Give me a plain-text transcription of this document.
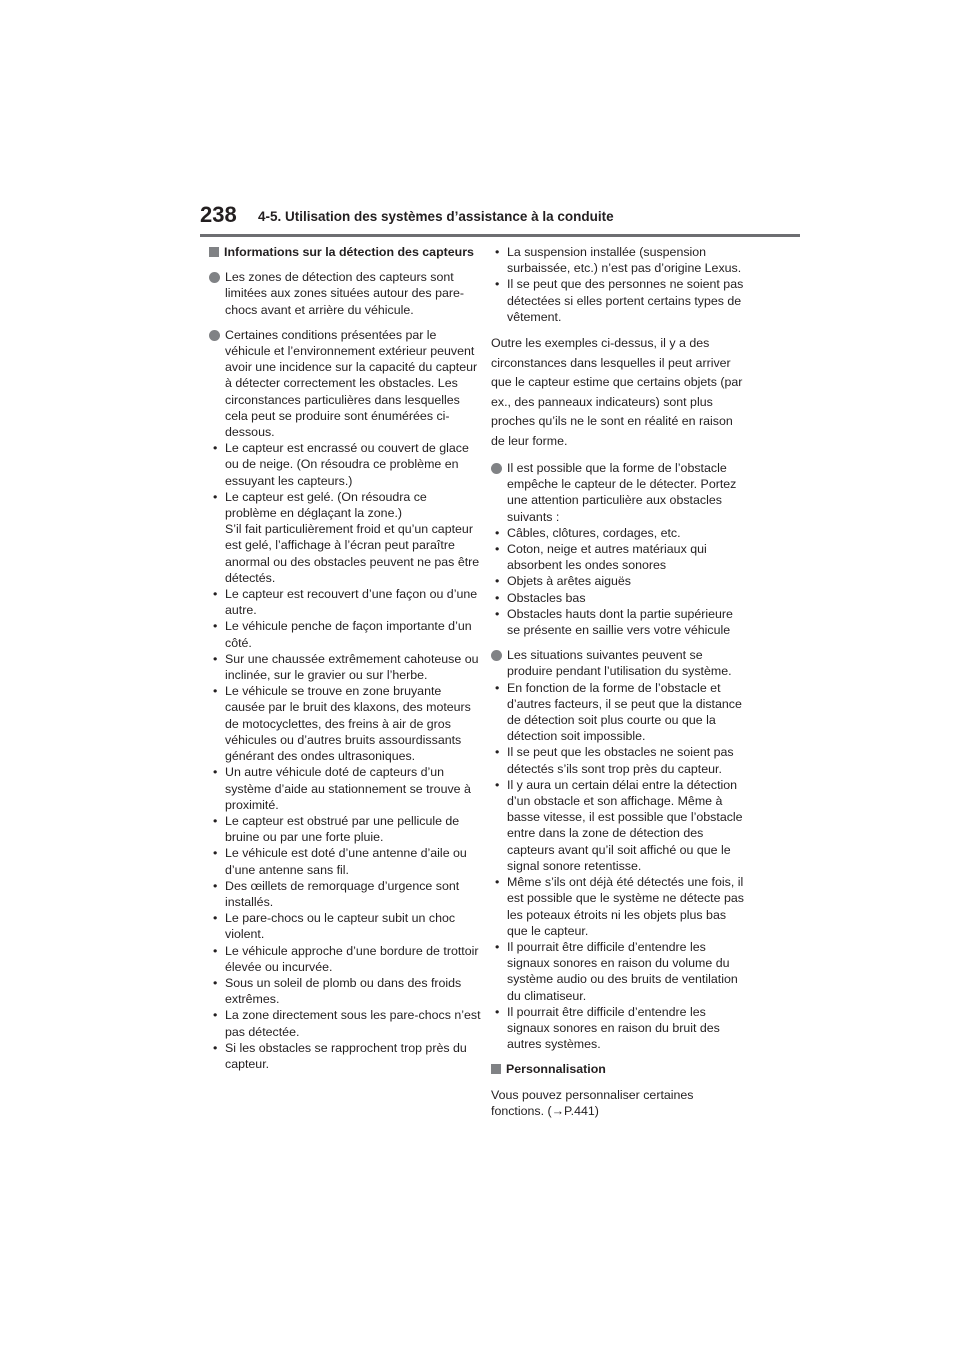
238 4-5. Utilisation des systèmes d’assistance à la conduite
Informations sur la détection des capteurs
Les zones de détection des capteurs sont limitées aux zones situées autour des pare-chocs avant et arrière du véhicule.
Certaines conditions présentées par le véhicule et l’environnement extérieur peuvent avoir une incidence sur la capacité du capteur à détecter correctement les obstacles. Les circonstances particulières dans lesquelles cela peut se produire sont énumérées ci-dessous.
• Le capteur est encrassé ou couvert de glace ou de neige. (On résoudra ce problème en essuyant les capteurs.)
• Le capteur est gelé. (On résoudra ce problème en déglaçant la zone.)
S’il fait particulièrement froid et qu’un capteur est gelé, l’affichage à l’écran peut paraître anormal ou des obstacles peuvent ne pas être détectés.
• Le capteur est recouvert d’une façon ou d’une autre.
• Le véhicule penche de façon importante d’un côté.
• Sur une chaussée extrêmement cahoteuse ou inclinée, sur le gravier ou sur l’herbe.
• Le véhicule se trouve en zone bruyante causée par le bruit des klaxons, des moteurs de motocyclettes, des freins à air de gros véhicules ou d’autres bruits assourdissants générant des ondes ultrasoniques.
• Un autre véhicule doté de capteurs d’un système d’aide au stationnement se trouve à proximité.
• Le capteur est obstrué par une pellicule de bruine ou par une forte pluie.
• Le véhicule est doté d’une antenne d’aile ou d’une antenne sans fil.
• Des œillets de remorquage d’urgence sont installés.
• Le pare-chocs ou le capteur subit un choc violent.
• Le véhicule approche d’une bordure de trottoir élevée ou incurvée.
• Sous un soleil de plomb ou dans des froids extrêmes.
• La zone directement sous les pare-chocs n’est pas détectée.
• Si les obstacles se rapprochent trop près du capteur.
• La suspension installée (suspension surbaissée, etc.) n’est pas d’origine Lexus.
• Il se peut que des personnes ne soient pas détectées si elles portent certains types de vêtement.
Outre les exemples ci-dessus, il y a des circonstances dans lesquelles il peut arriver que le capteur estime que certains objets (par ex., des panneaux indicateurs) sont plus proches qu’ils ne le sont en réalité en raison de leur forme.
Il est possible que la forme de l’obstacle empêche le capteur de le détecter. Portez une attention particulière aux obstacles suivants :
• Câbles, clôtures, cordages, etc.
• Coton, neige et autres matériaux qui absorbent les ondes sonores
• Objets à arêtes aiguës
• Obstacles bas
• Obstacles hauts dont la partie supérieure se présente en saillie vers votre véhicule
Les situations suivantes peuvent se produire pendant l’utilisation du système.
• En fonction de la forme de l’obstacle et d’autres facteurs, il se peut que la distance de détection soit plus courte ou que la détection soit impossible.
• Il se peut que les obstacles ne soient pas détectés s’ils sont trop près du capteur.
• Il y aura un certain délai entre la détection d’un obstacle et son affichage. Même à basse vitesse, il est possible que l’obstacle entre dans la zone de détection des capteurs avant qu’il soit affiché ou que le signal sonore retentisse.
• Même s’ils ont déjà été détectés une fois, il est possible que le système ne détecte pas les poteaux étroits ni les objets plus bas que le capteur.
• Il pourrait être difficile d’entendre les signaux sonores en raison du volume du système audio ou des bruits de ventilation du climatiseur.
• Il pourrait être difficile d’entendre les signaux sonores en raison du bruit des autres systèmes.
Personnalisation
Vous pouvez personnaliser certaines fonctions. (→P.441)
